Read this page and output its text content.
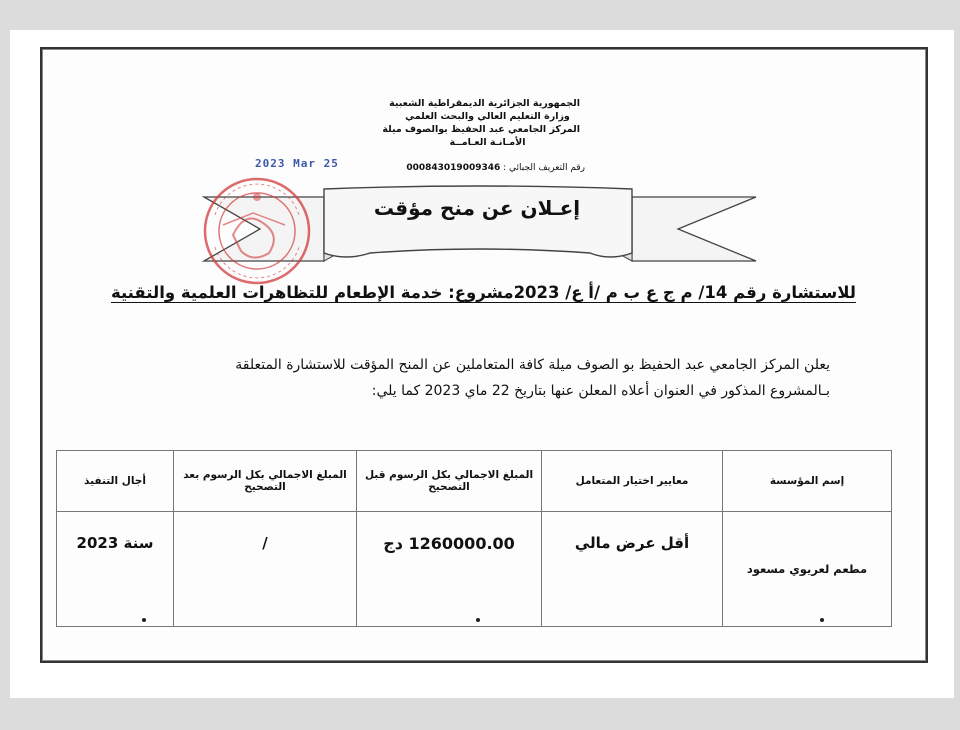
الجمهورية الجزائرية الديمقراطية الشعبية
وزارة التعليم العالي والبحث العلمي
المركز الجامعي عبد الحفيظ بوالصوف ميلة
الأمـانـة العـامــة
رقم التعريف الجبائي : 000843019009346
2023 Mar 25
إعـلان عن منح مؤقت
للاستشارة رقم 14/ م ج ع ب م /أ ع/ 2023مشروع: خدمة الإطعام للتظاهرات العلمية والتقنية
يعلن المركز الجامعي عبد الحفيظ بو الصوف ميلة كافة المتعاملين عن المنح المؤقت للاستشارة المتعلقة
بـالمشروع المذكور في العنوان أعلاه المعلن عنها بتاريخ 22 ماي 2023 كما يلي:
إسم المؤسسة	معايير اختيار المتعامل	المبلغ الاجمالي بكل الرسوم قبل التصحيح	المبلغ الاجمالي بكل الرسوم بعد التصحيح	أجال التنفيذ
مطعم لعريوي مسعود	أقل عرض مالي	1260000.00 دج	/	سنة 2023
